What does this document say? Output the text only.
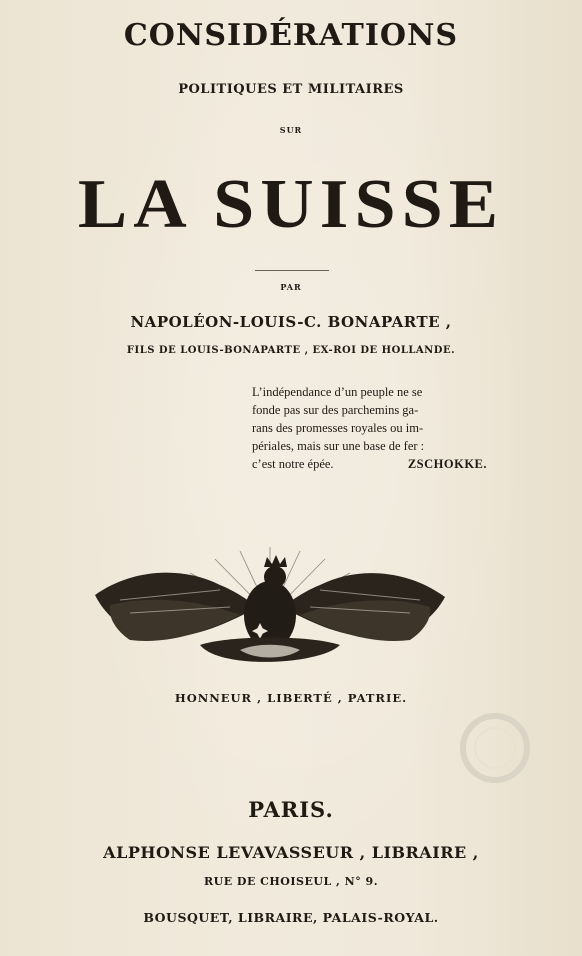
CONSIDÉRATIONS
POLITIQUES ET MILITAIRES
SUR
LA SUISSE
PAR
NAPOLÉON-LOUIS-C. BONAPARTE ,
FILS DE LOUIS-BONAPARTE , EX-ROI DE HOLLANDE.
L’indépendance d’un peuple ne se
fonde pas sur des parchemins ga-
rans des promesses royales ou im-
périales, mais sur une base de fer :
c’est notre épée.	ZSCHOKKE.
HONNEUR , LIBERTÉ , PATRIE.
PARIS.
ALPHONSE LEVAVASSEUR , LIBRAIRE ,
RUE DE CHOISEUL , N° 9.
BOUSQUET, LIBRAIRE, PALAIS-ROYAL.
